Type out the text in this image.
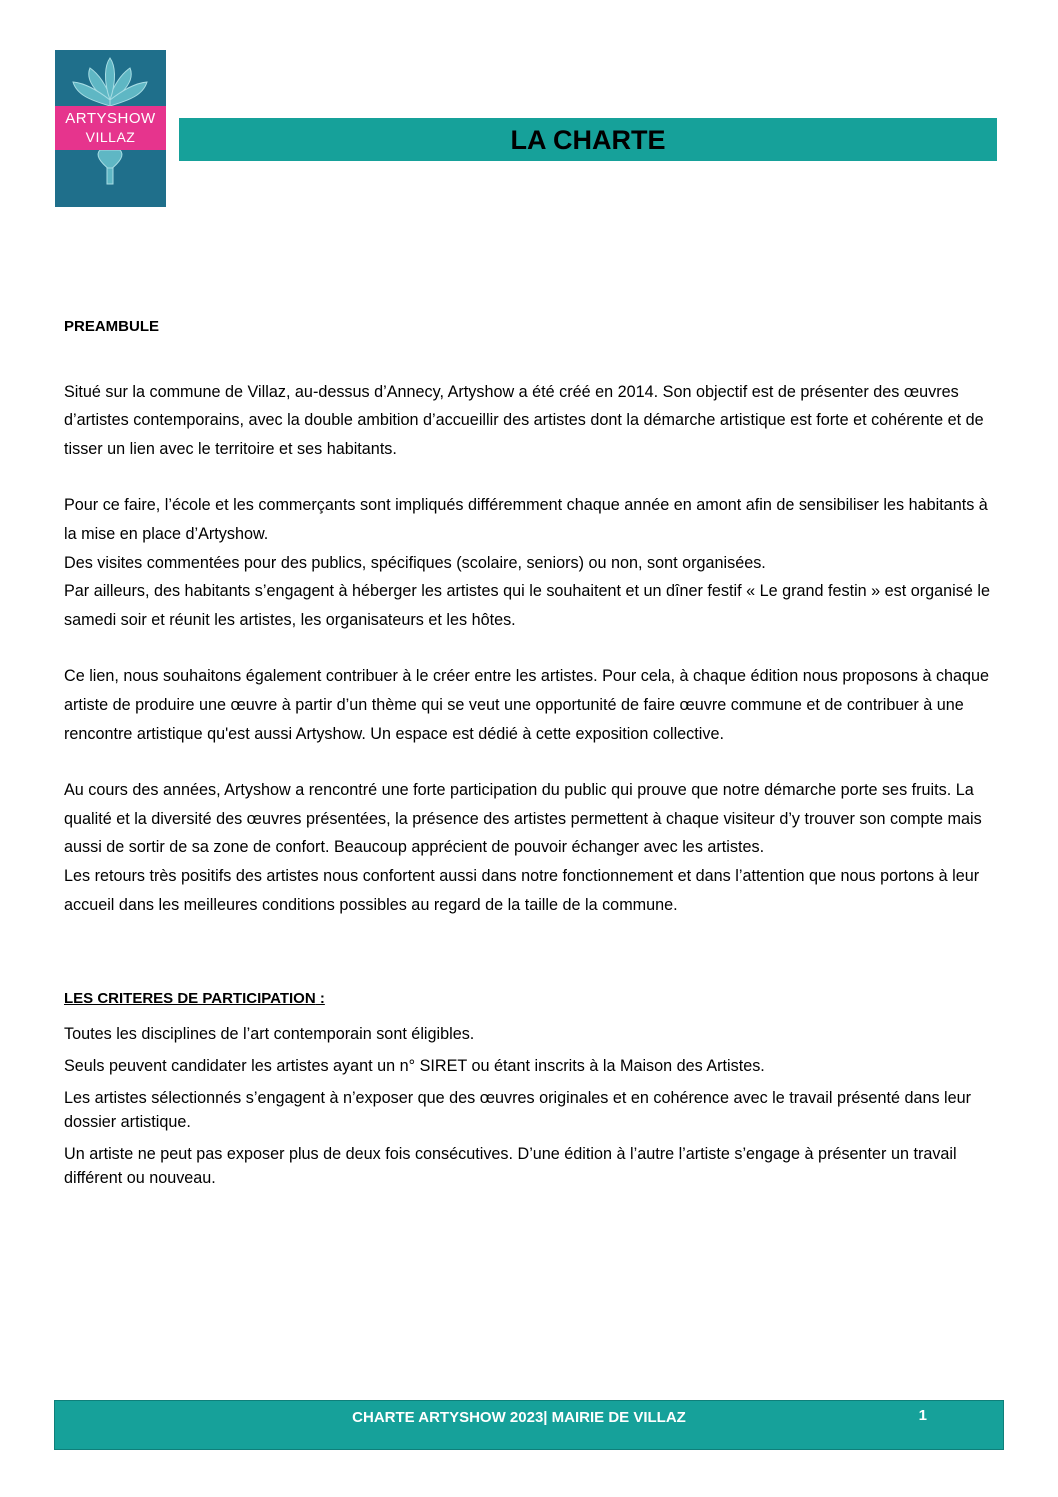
ARTYSHOW
VILLAZ	LA CHARTE

PREAMBULE

Situé sur la commune de Villaz, au-dessus d’Annecy, Artyshow a été créé en 2014. Son objectif est de présenter des œuvres d’artistes contemporains, avec la double ambition d’accueillir des artistes dont la démarche artistique est forte et cohérente et de tisser un lien avec le territoire et ses habitants.

Pour ce faire, l’école et les commerçants sont impliqués différemment chaque année en amont afin de sensibiliser les habitants à la mise en place d’Artyshow.

Des visites commentées pour des publics, spécifiques (scolaire, seniors) ou non, sont organisées.

Par ailleurs, des habitants s’engagent à héberger les artistes qui le souhaitent et un dîner festif « Le grand festin » est organisé le samedi soir et réunit les artistes, les organisateurs et les hôtes.

Ce lien, nous souhaitons également contribuer à le créer entre les artistes. Pour cela, à chaque édition nous proposons à chaque artiste de produire une œuvre à partir d’un thème qui se veut une opportunité de faire œuvre commune et de contribuer à une rencontre artistique qu'est aussi Artyshow. Un espace est dédié à cette exposition collective.

Au cours des années, Artyshow a rencontré une forte participation du public qui prouve que notre démarche porte ses fruits. La qualité et la diversité des œuvres présentées, la présence des artistes permettent à chaque visiteur d’y trouver son compte mais aussi de sortir de sa zone de confort. Beaucoup apprécient de pouvoir échanger avec les artistes.

Les retours très positifs des artistes nous confortent aussi dans notre fonctionnement et dans l’attention que nous portons à leur accueil dans les meilleures conditions possibles au regard de la taille de la commune.

LES CRITERES DE PARTICIPATION :

Toutes les disciplines de l’art contemporain sont éligibles.

Seuls peuvent candidater les artistes ayant un n° SIRET ou étant inscrits à la Maison des Artistes.

Les artistes sélectionnés s’engagent à n’exposer que des œuvres originales et en cohérence avec le travail présenté dans leur dossier artistique.

Un artiste ne peut pas exposer plus de deux fois consécutives. D’une édition à l’autre l’artiste s’engage à présenter un travail différent ou nouveau.

CHARTE ARTYSHOW 2023| MAIRIE DE VILLAZ	1
